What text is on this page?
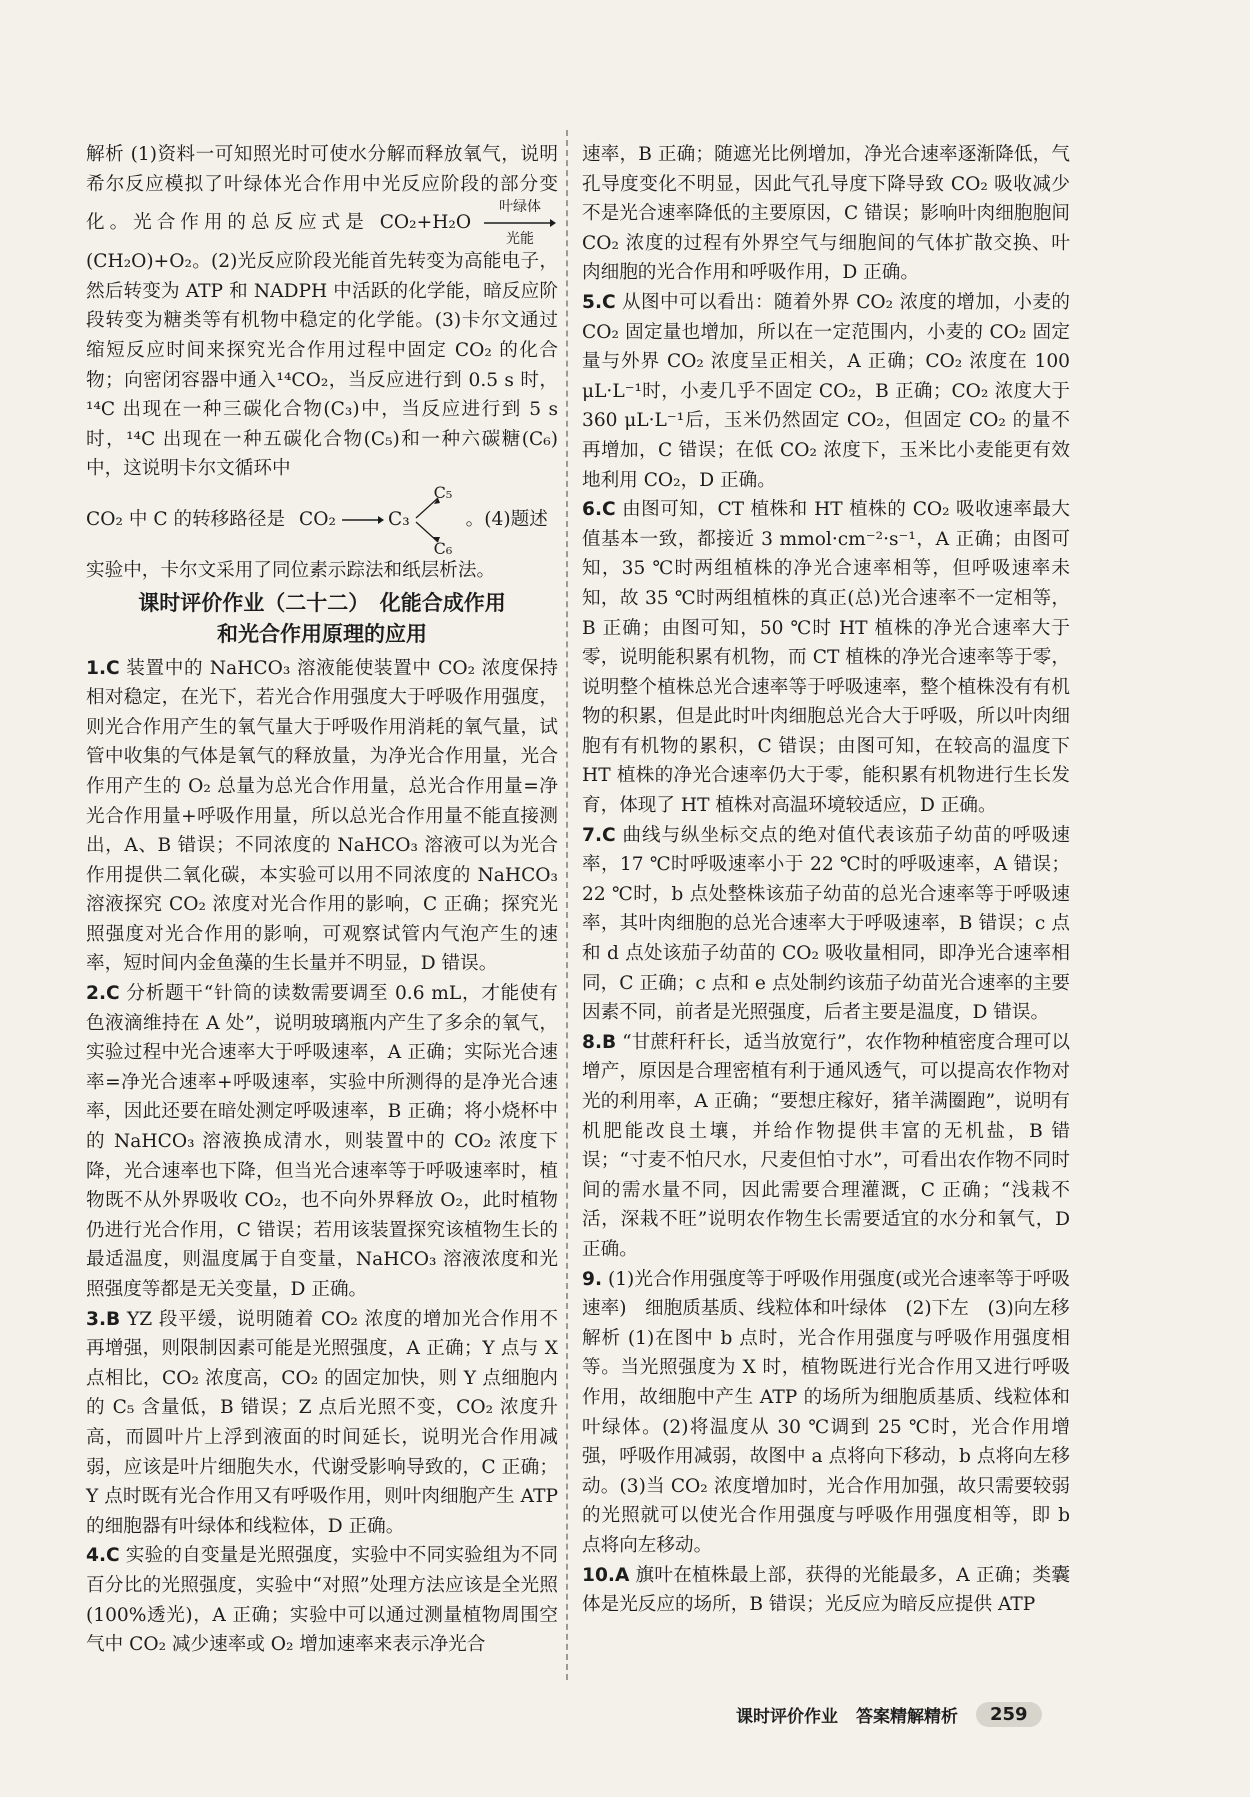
解析 (1)资料一可知照光时可使水分解而释放氧气，说明希尔反应模拟了叶绿体光合作用中光反应阶段的部分变化。光合作用的总反应式是 CO₂+H₂O
叶绿体
光能
(CH₂O)+O₂。(2)光反应阶段光能首先转变为高能电子，然后转变为 ATP 和 NADPH 中活跃的化学能，暗反应阶段转变为糖类等有机物中稳定的化学能。(3)卡尔文通过缩短反应时间来探究光合作用过程中固定 CO₂ 的化合物；向密闭容器中通入¹⁴CO₂，当反应进行到 0.5 s 时，¹⁴C 出现在一种三碳化合物(C₃)中，当反应进行到 5 s 时，¹⁴C 出现在一种五碳化合物(C₅)和一种六碳糖(C₆)中，这说明卡尔文循环中

CO₂ 中 C 的转移路径是 CO₂	C₃
C₅
C₆
。(4)题述

实验中，卡尔文采用了同位素示踪法和纸层析法。

课时评价作业（二十二）　化能合成作用
和光合作用原理的应用

1.C 装置中的 NaHCO₃ 溶液能使装置中 CO₂ 浓度保持相对稳定，在光下，若光合作用强度大于呼吸作用强度，则光合作用产生的氧气量大于呼吸作用消耗的氧气量，试管中收集的气体是氧气的释放量，为净光合作用量，光合作用产生的 O₂ 总量为总光合作用量，总光合作用量=净光合作用量+呼吸作用量，所以总光合作用量不能直接测出，A、B 错误；不同浓度的 NaHCO₃ 溶液可以为光合作用提供二氧化碳，本实验可以用不同浓度的 NaHCO₃ 溶液探究 CO₂ 浓度对光合作用的影响，C 正确；探究光照强度对光合作用的影响，可观察试管内气泡产生的速率，短时间内金鱼藻的生长量并不明显，D 错误。

2.C 分析题干“针筒的读数需要调至 0.6 mL，才能使有色液滴维持在 A 处”，说明玻璃瓶内产生了多余的氧气，实验过程中光合速率大于呼吸速率，A 正确；实际光合速率=净光合速率+呼吸速率，实验中所测得的是净光合速率，因此还要在暗处测定呼吸速率，B 正确；将小烧杯中的 NaHCO₃ 溶液换成清水，则装置中的 CO₂ 浓度下降，光合速率也下降，但当光合速率等于呼吸速率时，植物既不从外界吸收 CO₂，也不向外界释放 O₂，此时植物仍进行光合作用，C 错误；若用该装置探究该植物生长的最适温度，则温度属于自变量，NaHCO₃ 溶液浓度和光照强度等都是无关变量，D 正确。

3.B YZ 段平缓，说明随着 CO₂ 浓度的增加光合作用不再增强，则限制因素可能是光照强度，A 正确；Y 点与 X 点相比，CO₂ 浓度高，CO₂ 的固定加快，则 Y 点细胞内的 C₅ 含量低，B 错误；Z 点后光照不变，CO₂ 浓度升高，而圆叶片上浮到液面的时间延长，说明光合作用减弱，应该是叶片细胞失水，代谢受影响导致的，C 正确；Y 点时既有光合作用又有呼吸作用，则叶肉细胞产生 ATP 的细胞器有叶绿体和线粒体，D 正确。

4.C 实验的自变量是光照强度，实验中不同实验组为不同百分比的光照强度，实验中“对照”处理方法应该是全光照(100%透光)，A 正确；实验中可以通过测量植物周围空气中 CO₂ 减少速率或 O₂ 增加速率来表示净光合

速率，B 正确；随遮光比例增加，净光合速率逐渐降低，气孔导度变化不明显，因此气孔导度下降导致 CO₂ 吸收减少不是光合速率降低的主要原因，C 错误；影响叶肉细胞胞间 CO₂ 浓度的过程有外界空气与细胞间的气体扩散交换、叶肉细胞的光合作用和呼吸作用，D 正确。

5.C 从图中可以看出：随着外界 CO₂ 浓度的增加，小麦的 CO₂ 固定量也增加，所以在一定范围内，小麦的 CO₂ 固定量与外界 CO₂ 浓度呈正相关，A 正确；CO₂ 浓度在 100 μL·L⁻¹时，小麦几乎不固定 CO₂，B 正确；CO₂ 浓度大于 360 μL·L⁻¹后，玉米仍然固定 CO₂，但固定 CO₂ 的量不再增加，C 错误；在低 CO₂ 浓度下，玉米比小麦能更有效地利用 CO₂，D 正确。

6.C 由图可知，CT 植株和 HT 植株的 CO₂ 吸收速率最大值基本一致，都接近 3 mmol·cm⁻²·s⁻¹，A 正确；由图可知，35 ℃时两组植株的净光合速率相等，但呼吸速率未知，故 35 ℃时两组植株的真正(总)光合速率不一定相等，B 正确；由图可知，50 ℃时 HT 植株的净光合速率大于零，说明能积累有机物，而 CT 植株的净光合速率等于零，说明整个植株总光合速率等于呼吸速率，整个植株没有有机物的积累，但是此时叶肉细胞总光合大于呼吸，所以叶肉细胞有有机物的累积，C 错误；由图可知，在较高的温度下 HT 植株的净光合速率仍大于零，能积累有机物进行生长发育，体现了 HT 植株对高温环境较适应，D 正确。

7.C 曲线与纵坐标交点的绝对值代表该茄子幼苗的呼吸速率，17 ℃时呼吸速率小于 22 ℃时的呼吸速率，A 错误；22 ℃时，b 点处整株该茄子幼苗的总光合速率等于呼吸速率，其叶肉细胞的总光合速率大于呼吸速率，B 错误；c 点和 d 点处该茄子幼苗的 CO₂ 吸收量相同，即净光合速率相同，C 正确；c 点和 e 点处制约该茄子幼苗光合速率的主要因素不同，前者是光照强度，后者主要是温度，D 错误。

8.B “甘蔗秆秆长，适当放宽行”，农作物种植密度合理可以增产，原因是合理密植有利于通风透气，可以提高农作物对光的利用率，A 正确；“要想庄稼好，猪羊满圈跑”，说明有机肥能改良土壤，并给作物提供丰富的无机盐，B 错误；“寸麦不怕尺水，尺麦但怕寸水”，可看出农作物不同时间的需水量不同，因此需要合理灌溉，C 正确；“浅栽不活，深栽不旺”说明农作物生长需要适宜的水分和氧气，D 正确。

9. (1)光合作用强度等于呼吸作用强度(或光合速率等于呼吸速率)　细胞质基质、线粒体和叶绿体　(2)下左　(3)向左移

解析 (1)在图中 b 点时，光合作用强度与呼吸作用强度相等。当光照强度为 X 时，植物既进行光合作用又进行呼吸作用，故细胞中产生 ATP 的场所为细胞质基质、线粒体和叶绿体。(2)将温度从 30 ℃调到 25 ℃时，光合作用增强，呼吸作用减弱，故图中 a 点将向下移动，b 点将向左移动。(3)当 CO₂ 浓度增加时，光合作用加强，故只需要较弱的光照就可以使光合作用强度与呼吸作用强度相等，即 b 点将向左移动。

10.A 旗叶在植株最上部，获得的光能最多，A 正确；类囊体是光反应的场所，B 错误；光反应为暗反应提供 ATP

课时评价作业 答案精解精析	259
